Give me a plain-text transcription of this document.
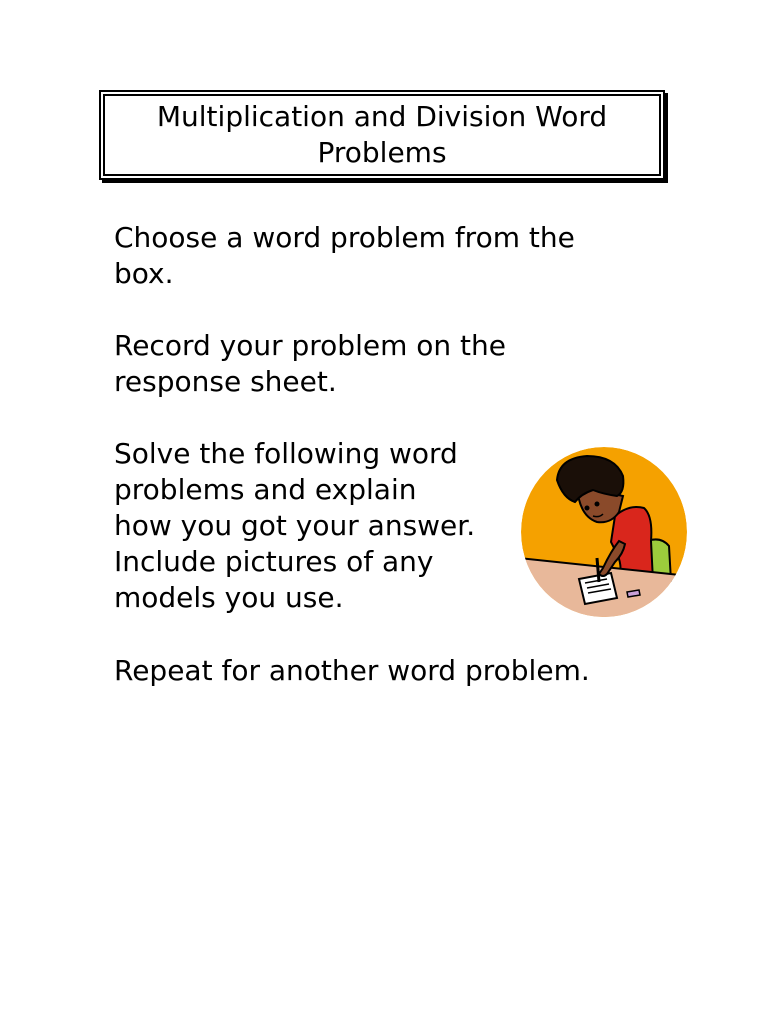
Multiplication and Division Word Problems

Choose a word problem from the box.

Record your problem on the response sheet.

Solve the following word
problems and explain
how you got your answer.
Include pictures of any
models you use.

Repeat for another word problem.
